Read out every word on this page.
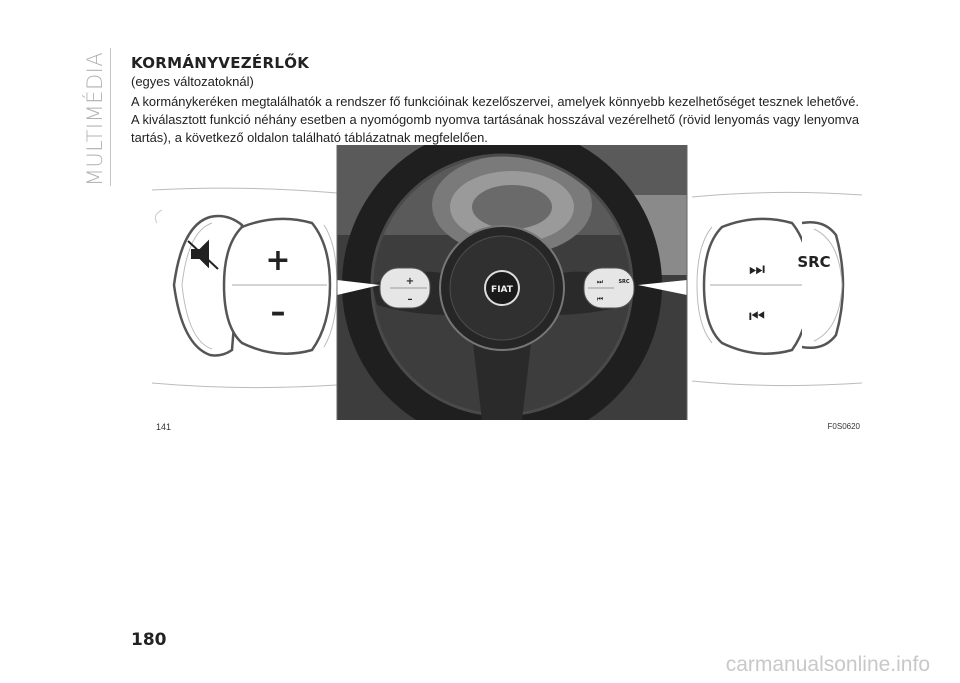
MULTIMÉDIA KORMÁNYVEZÉRLŐK
(egyes változatoknál)

A kormánykeréken megtalálhatók a rendszer fő funkcióinak kezelőszervei, amelyek könnyebb kezelhetőséget tesznek lehetővé.
A kiválasztott funkció néhány esetben a nyomógomb nyomva tartásának hosszával vezérelhető (rövid lenyomás vagy lenyomva
tartás), a következő oldalon található táblázatnak megfelelően.

+
–
FIAT
+
–
⏭
⏮
SRC
⏭
⏮
SRC
141	F0S0620
180
carmanualsonline.info
